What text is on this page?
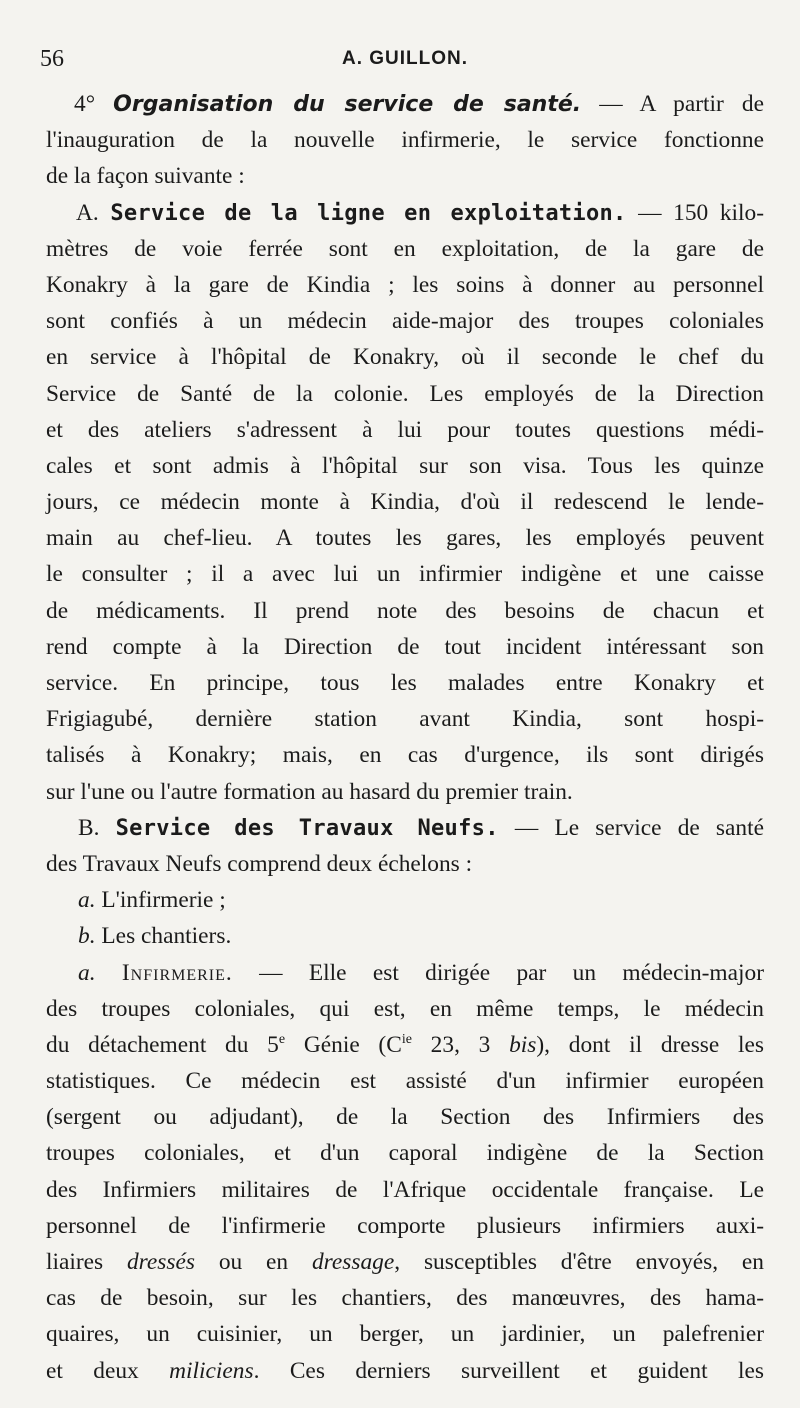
56	A. GUILLON.
4° Organisation du service de santé. — A partir de
l'inauguration de la nouvelle infirmerie, le service fonctionne
de la façon suivante :
A. Service de la ligne en exploitation. — 150 kilo-
mètres de voie ferrée sont en exploitation, de la gare de
Konakry à la gare de Kindia ; les soins à donner au personnel
sont confiés à un médecin aide-major des troupes coloniales
en service à l'hôpital de Konakry, où il seconde le chef du
Service de Santé de la colonie. Les employés de la Direction
et des ateliers s'adressent à lui pour toutes questions médi-
cales et sont admis à l'hôpital sur son visa. Tous les quinze
jours, ce médecin monte à Kindia, d'où il redescend le lende-
main au chef-lieu. A toutes les gares, les employés peuvent
le consulter ; il a avec lui un infirmier indigène et une caisse
de médicaments. Il prend note des besoins de chacun et
rend compte à la Direction de tout incident intéressant son
service. En principe, tous les malades entre Konakry et
Frigiagubé, dernière station avant Kindia, sont hospi-
talisés à Konakry; mais, en cas d'urgence, ils sont dirigés
sur l'une ou l'autre formation au hasard du premier train.
B. Service des Travaux Neufs. — Le service de santé
des Travaux Neufs comprend deux échelons :
a. L'infirmerie ;
b. Les chantiers.
a. Infirmerie. — Elle est dirigée par un médecin-major
des troupes coloniales, qui est, en même temps, le médecin
du détachement du 5e Génie ($C^{ie}$ 23, 3 bis), dont il dresse les
statistiques. Ce médecin est assisté d'un infirmier européen
(sergent ou adjudant), de la Section des Infirmiers des
troupes coloniales, et d'un caporal indigène de la Section
des Infirmiers militaires de l'Afrique occidentale française. Le
personnel de l'infirmerie comporte plusieurs infirmiers auxi-
liaires dressés ou en dressage, susceptibles d'être envoyés, en
cas de besoin, sur les chantiers, des manœuvres, des hama-
quaires, un cuisinier, un berger, un jardinier, un palefrenier
et deux miliciens. Ces derniers surveillent et guident les
